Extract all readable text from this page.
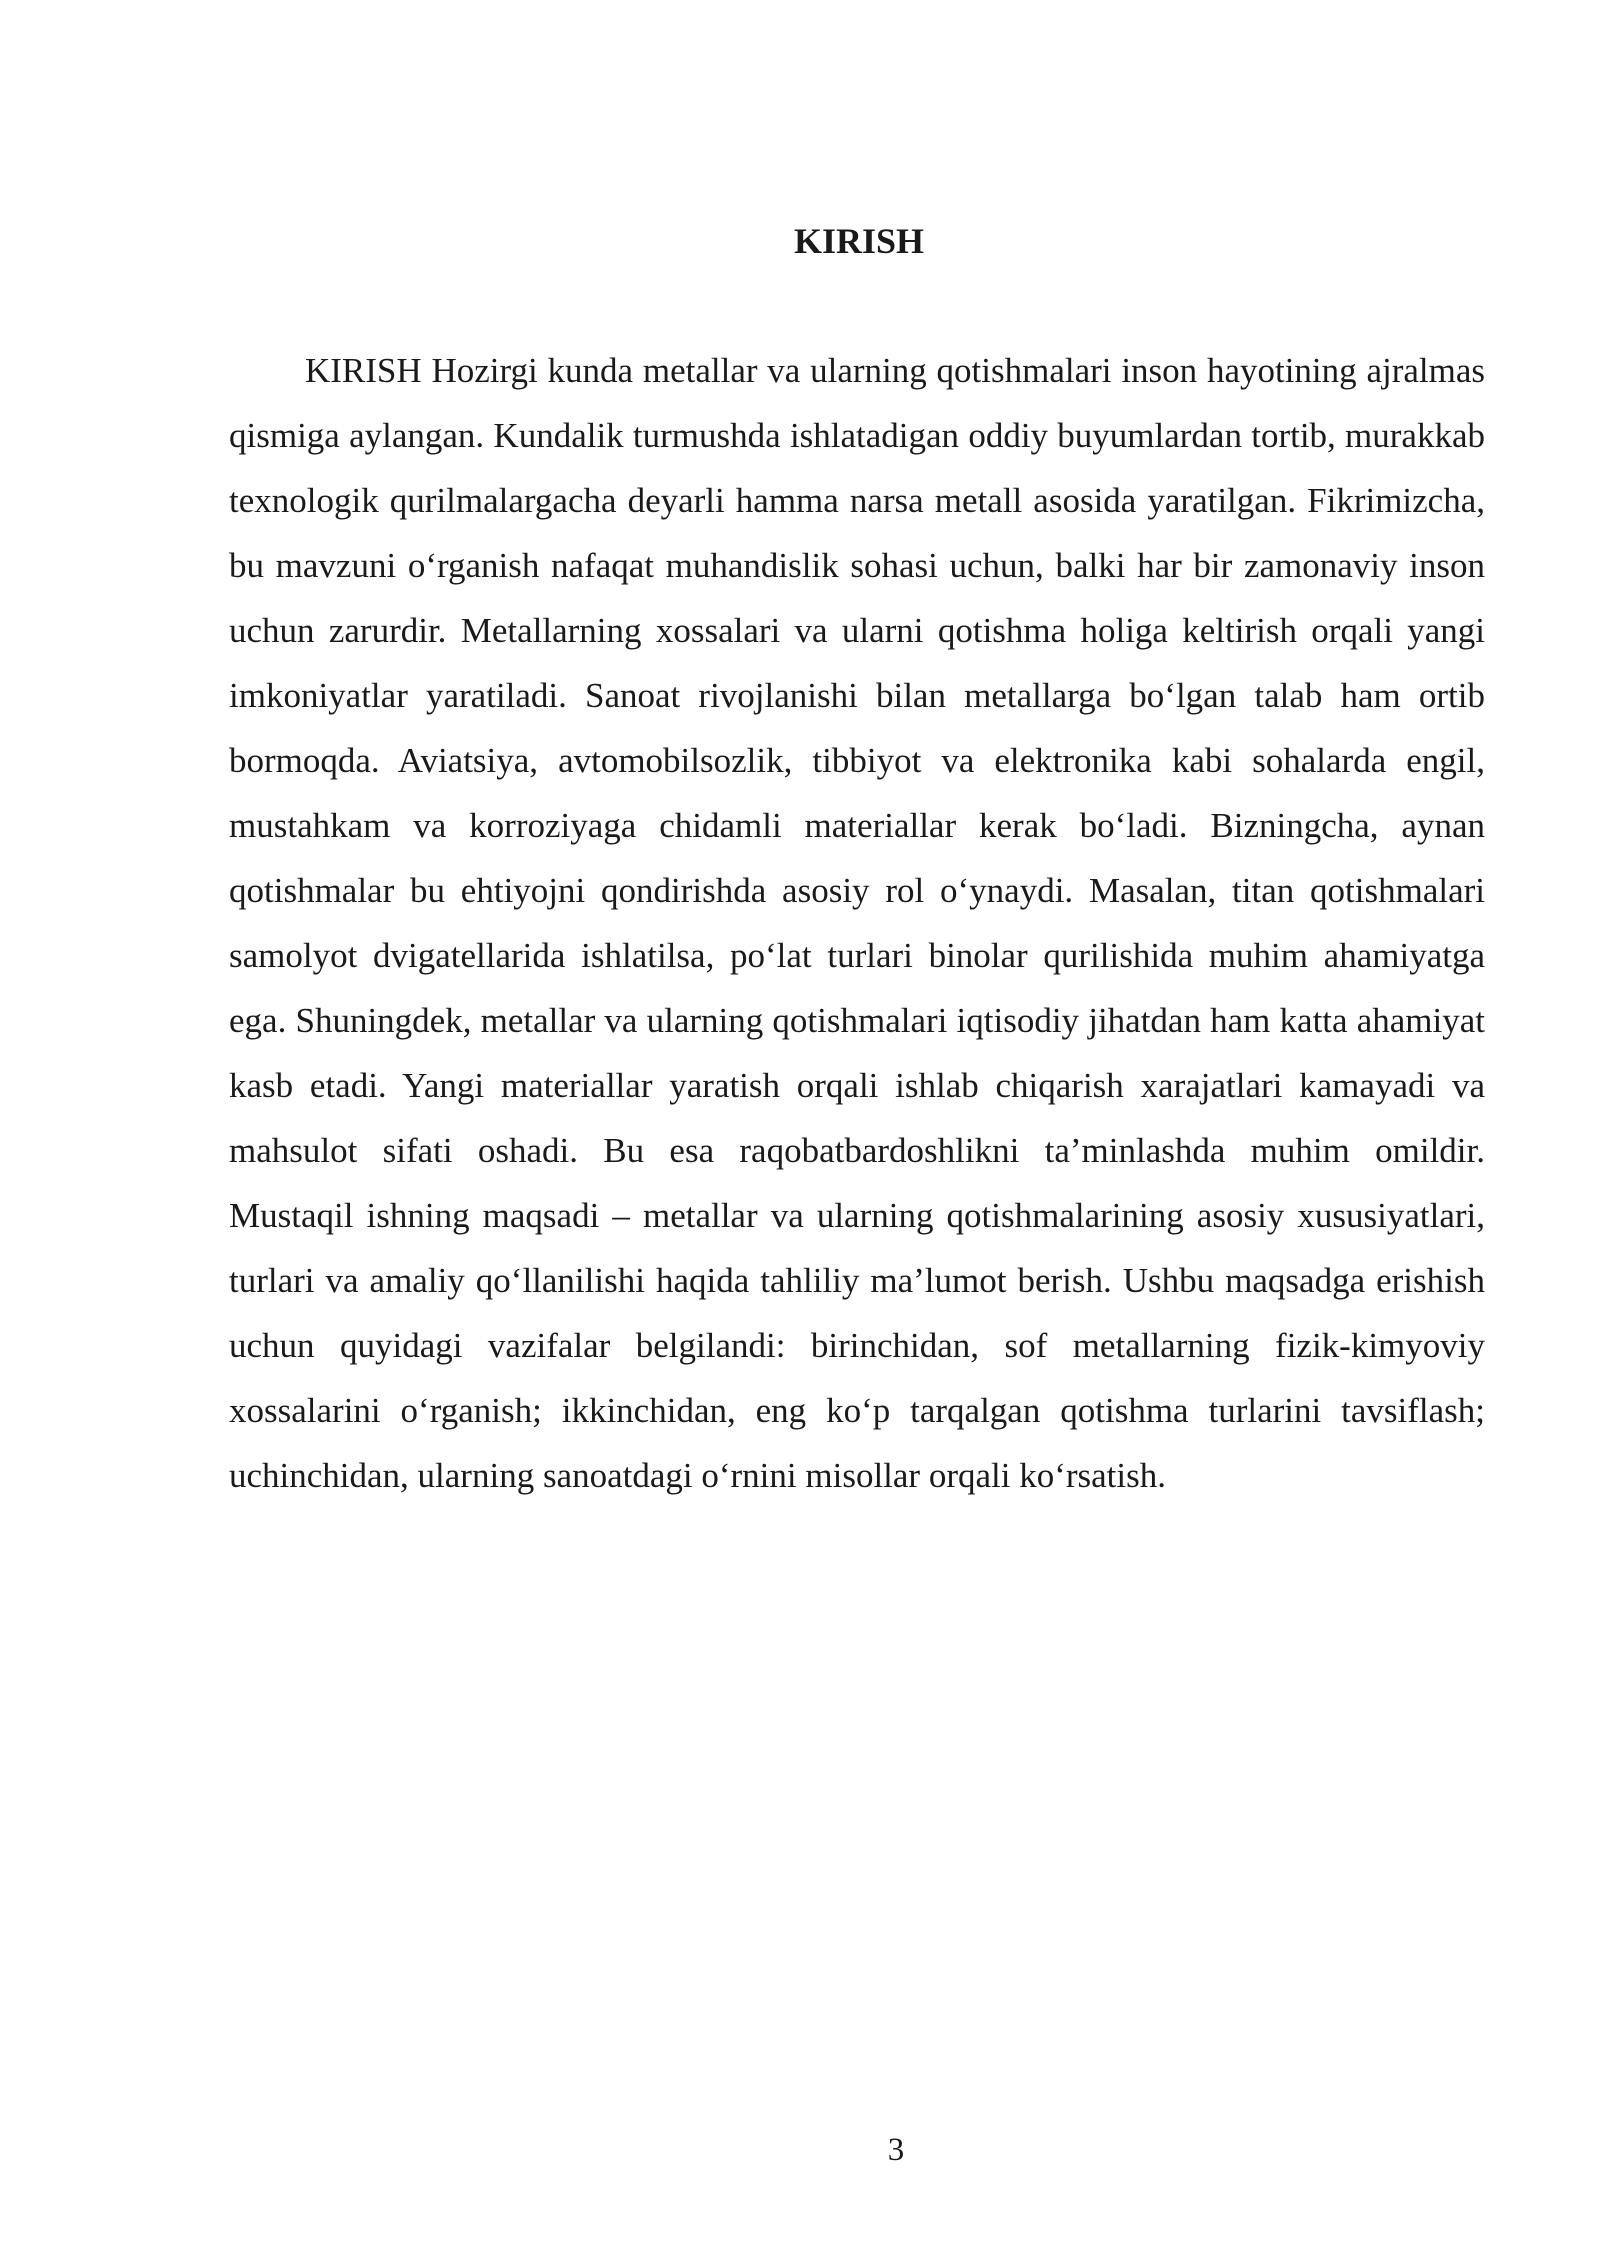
KIRISH

KIRISH Hozirgi kunda metallar va ularning qotishmalari inson hayotining ajralmas qismiga aylangan. Kundalik turmushda ishlatadigan oddiy buyumlardan tortib, murakkab texnologik qurilmalargacha deyarli hamma narsa metall asosida yaratilgan. Fikrimizcha, bu mavzuni o‘rganish nafaqat muhandislik sohasi uchun, balki har bir zamonaviy inson uchun zarurdir. Metallarning xossalari va ularni qotishma holiga keltirish orqali yangi imkoniyatlar yaratiladi. Sanoat rivojlanishi bilan metallarga bo‘lgan talab ham ortib bormoqda. Aviatsiya, avtomobilsozlik, tibbiyot va elektronika kabi sohalarda engil, mustahkam va korroziyaga chidamli materiallar kerak bo‘ladi. Bizningcha, aynan qotishmalar bu ehtiyojni qondirishda asosiy rol o‘ynaydi. Masalan, titan qotishmalari samolyot dvigatellarida ishlatilsa, po‘lat turlari binolar qurilishida muhim ahamiyatga ega. Shuningdek, metallar va ularning qotishmalari iqtisodiy jihatdan ham katta ahamiyat kasb etadi. Yangi materiallar yaratish orqali ishlab chiqarish xarajatlari kamayadi va mahsulot sifati oshadi. Bu esa raqobatbardoshlikni ta’minlashda muhim omildir. Mustaqil ishning maqsadi – metallar va ularning qotishmalarining asosiy xususiyatlari, turlari va amaliy qo‘llanilishi haqida tahliliy ma’lumot berish. Ushbu maqsadga erishish uchun quyidagi vazifalar belgilandi: birinchidan, sof metallarning fizik-kimyoviy xossalarini o‘rganish; ikkinchidan, eng ko‘p tarqalgan qotishma turlarini tavsiflash; uchinchidan, ularning sanoatdagi o‘rnini misollar orqali ko‘rsatish.

3
